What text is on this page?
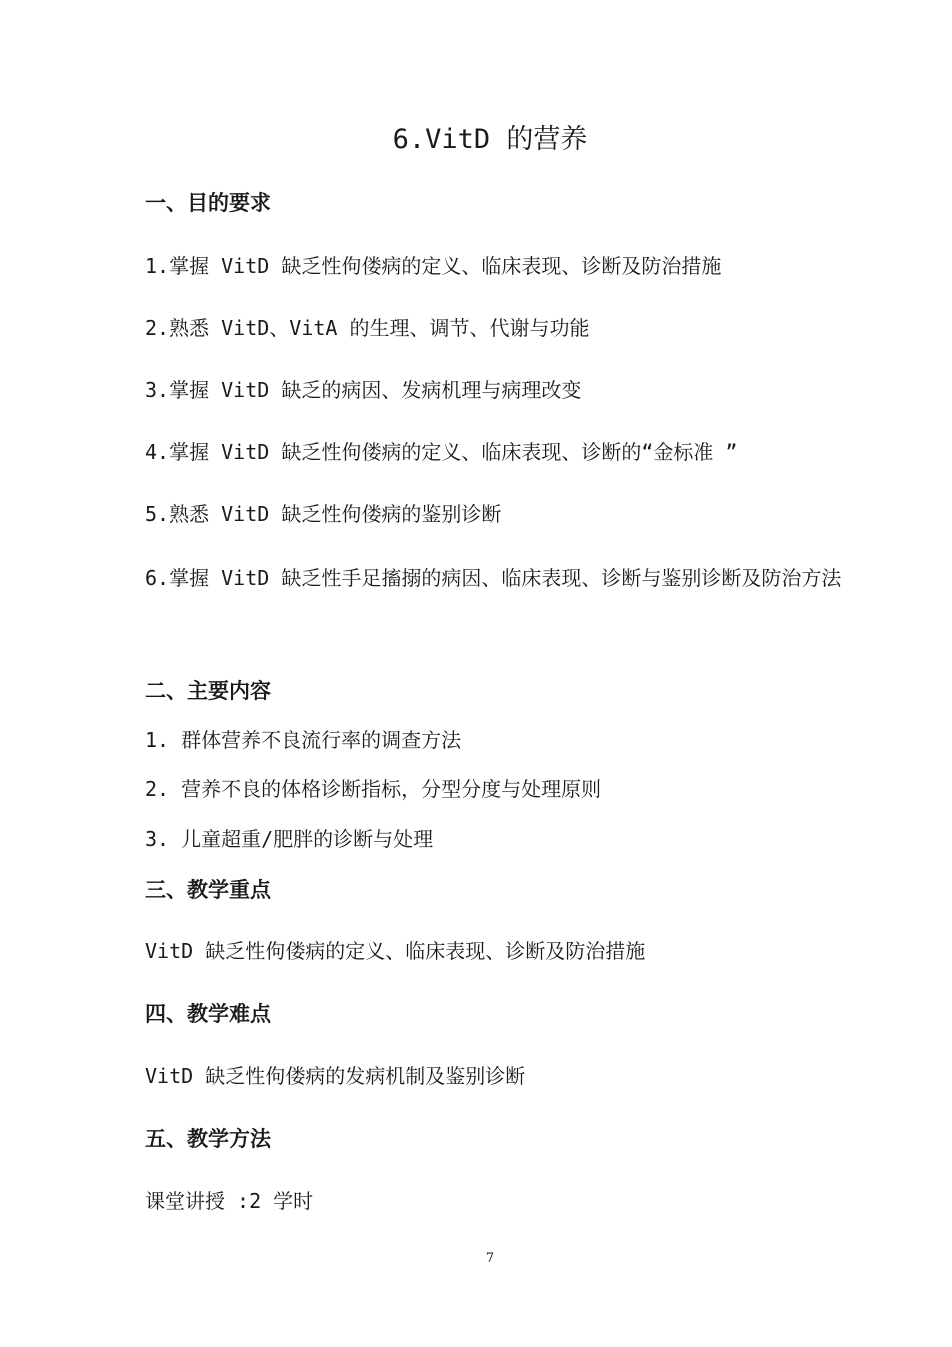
6.VitD 的营养
一、目的要求

1.掌握 VitD 缺乏性佝偻病的定义、临床表现、诊断及防治措施

2.熟悉 VitD、VitA 的生理、调节、代谢与功能

3.掌握 VitD 缺乏的病因、发病机理与病理改变

4.掌握 VitD 缺乏性佝偻病的定义、临床表现、诊断的“金标准 ”

5.熟悉 VitD 缺乏性佝偻病的鉴别诊断

6.掌握 VitD 缺乏性手足搐搦的病因、临床表现、诊断与鉴别诊断及防治方法

二、主要内容

1. 群体营养不良流行率的调查方法

2. 营养不良的体格诊断指标，分型分度与处理原则

3. 儿童超重/肥胖的诊断与处理

三、教学重点

VitD 缺乏性佝偻病的定义、临床表现、诊断及防治措施

四、教学难点

VitD 缺乏性佝偻病的发病机制及鉴别诊断

五、教学方法

课堂讲授 :2 学时

7
